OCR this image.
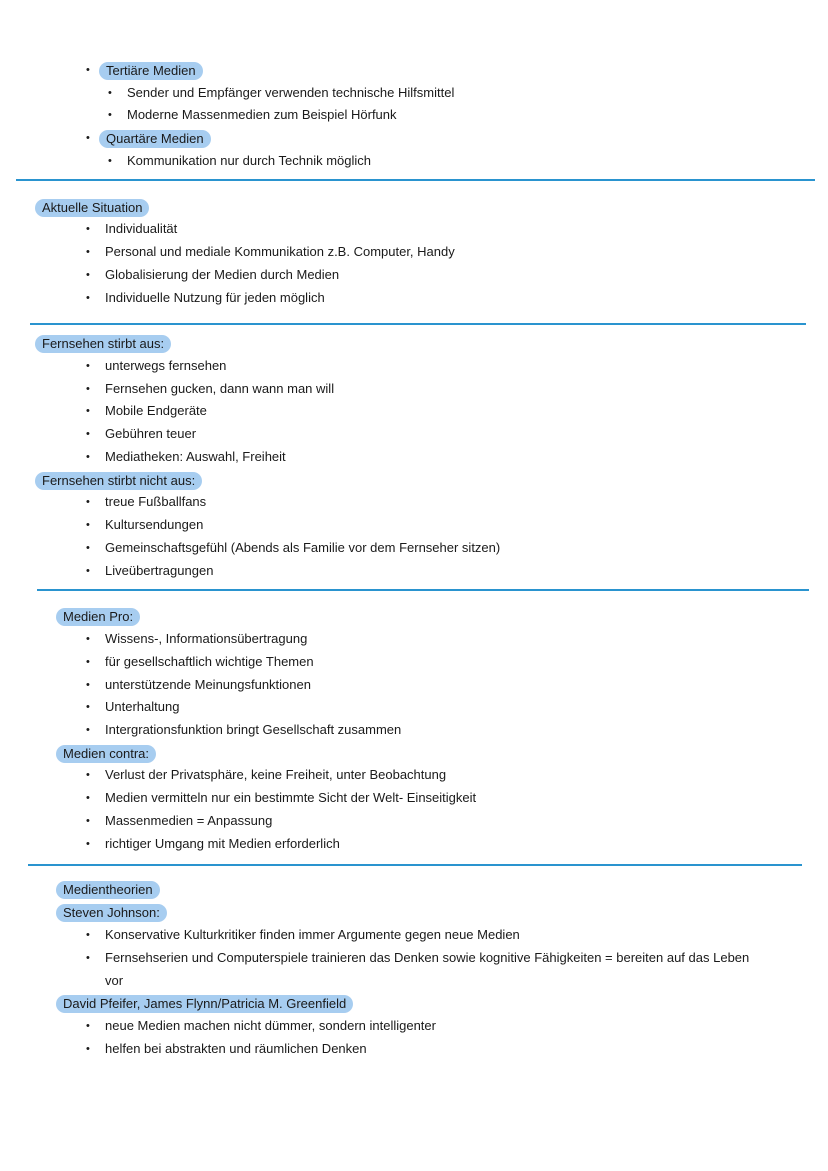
•	Tertiäre Medien
• Sender und Empfänger verwenden technische Hilfsmittel
• Moderne Massenmedien zum Beispiel Hörfunk
•	Quartäre Medien
• Kommunikation nur durch Technik möglich
Aktuelle Situation
• Individualität
• Personal und mediale Kommunikation z.B. Computer, Handy
• Globalisierung der Medien durch Medien
• Individuelle Nutzung für jeden möglich
Fernsehen stirbt aus:
• unterwegs fernsehen
• Fernsehen gucken, dann wann man will
• Mobile Endgeräte
• Gebühren teuer
• Mediatheken: Auswahl, Freiheit
Fernsehen stirbt nicht aus:
• treue Fußballfans
• Kultursendungen
• Gemeinschaftsgefühl (Abends als Familie vor dem Fernseher sitzen)
• Liveübertragungen
Medien Pro:
• Wissens-, Informationsübertragung
• für gesellschaftlich wichtige Themen
• unterstützende Meinungsfunktionen
• Unterhaltung
• Intergrationsfunktion bringt Gesellschaft zusammen
Medien contra:
• Verlust der Privatsphäre, keine Freiheit, unter Beobachtung
• Medien vermitteln nur ein bestimmte Sicht der Welt- Einseitigkeit
• Massenmedien = Anpassung
• richtiger Umgang mit Medien erforderlich
Medientheorien
Steven Johnson:
• Konservative Kulturkritiker finden immer Argumente gegen neue Medien
• Fernsehserien und Computerspiele trainieren das Denken sowie kognitive Fähigkeiten = bereiten auf das Leben
vor
David Pfeifer, James Flynn/Patricia M. Greenfield
• neue Medien machen nicht dümmer, sondern intelligenter
• helfen bei abstrakten und räumlichen Denken
